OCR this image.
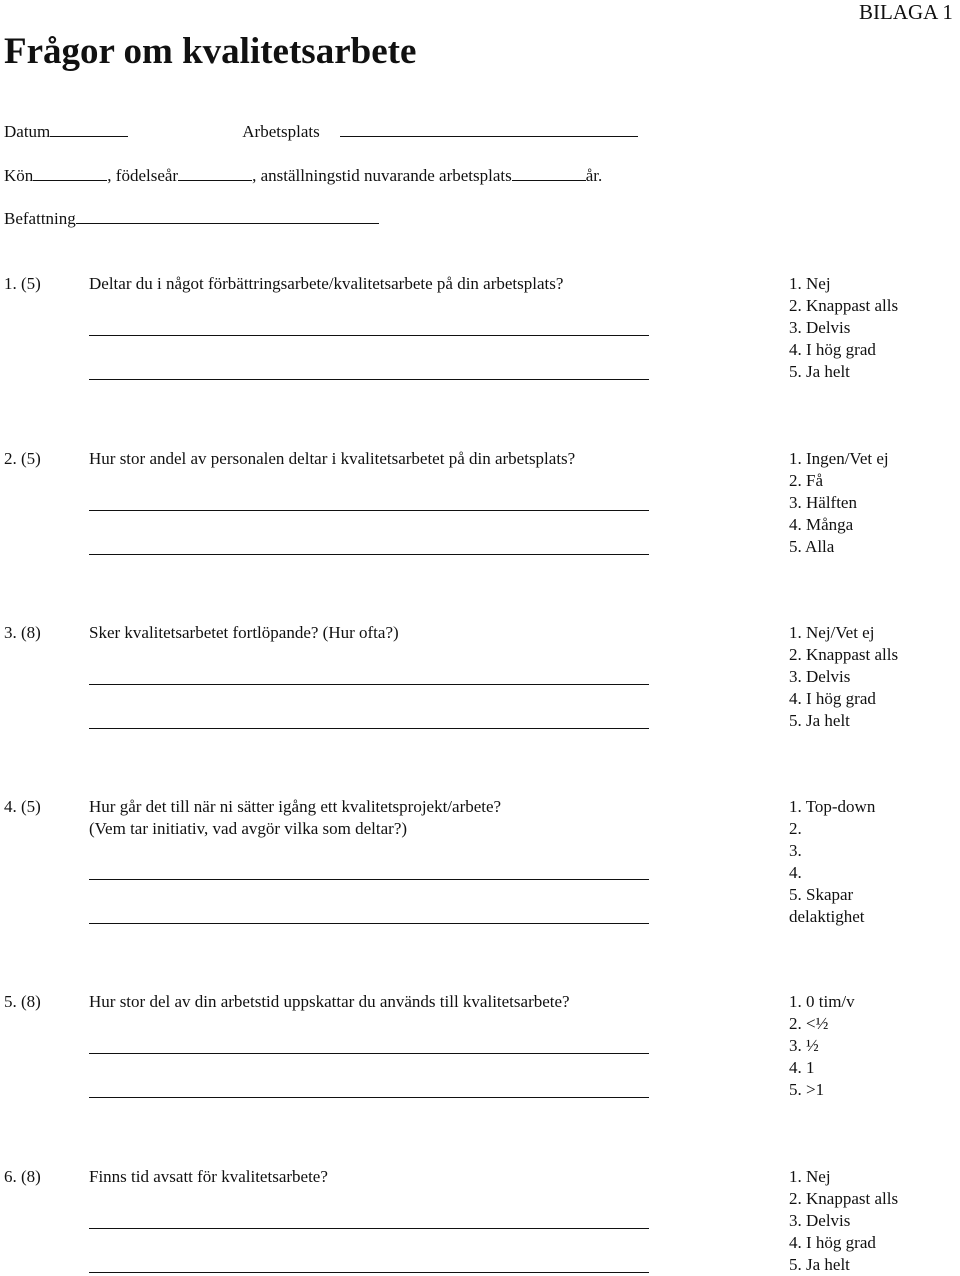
BILAGA 1
Frågor om kvalitetsarbete
Datum	Arbetsplats
Kön	, födelseår	, anställningstid nuvarande arbetsplats	år.
Befattning
1. (5)	Deltar du i något förbättringsarbete/kvalitetsarbete på din arbetsplats?	1. Nej
2. Knappast alls
3. Delvis
4. I hög grad
5. Ja helt
2. (5)	Hur stor andel av personalen deltar i kvalitetsarbetet på din arbetsplats?	1. Ingen/Vet ej
2. Få
3. Hälften
4. Många
5. Alla
3. (8)	Sker kvalitetsarbetet fortlöpande? (Hur ofta?)	1. Nej/Vet ej
2. Knappast alls
3. Delvis
4. I hög grad
5. Ja helt
4. (5)	Hur går det till när ni sätter igång ett kvalitetsprojekt/arbete?
(Vem tar initiativ, vad avgör vilka som deltar?)
1. Top-down
2.
3.
4.
5. Skapar
delaktighet
5. (8)	Hur stor del av din arbetstid uppskattar du används till kvalitetsarbete?	1. 0 tim/v
2. <½
3. ½
4. 1
5. >1
6. (8)	Finns tid avsatt för kvalitetsarbete?	1. Nej
2. Knappast alls
3. Delvis
4. I hög grad
5. Ja helt
